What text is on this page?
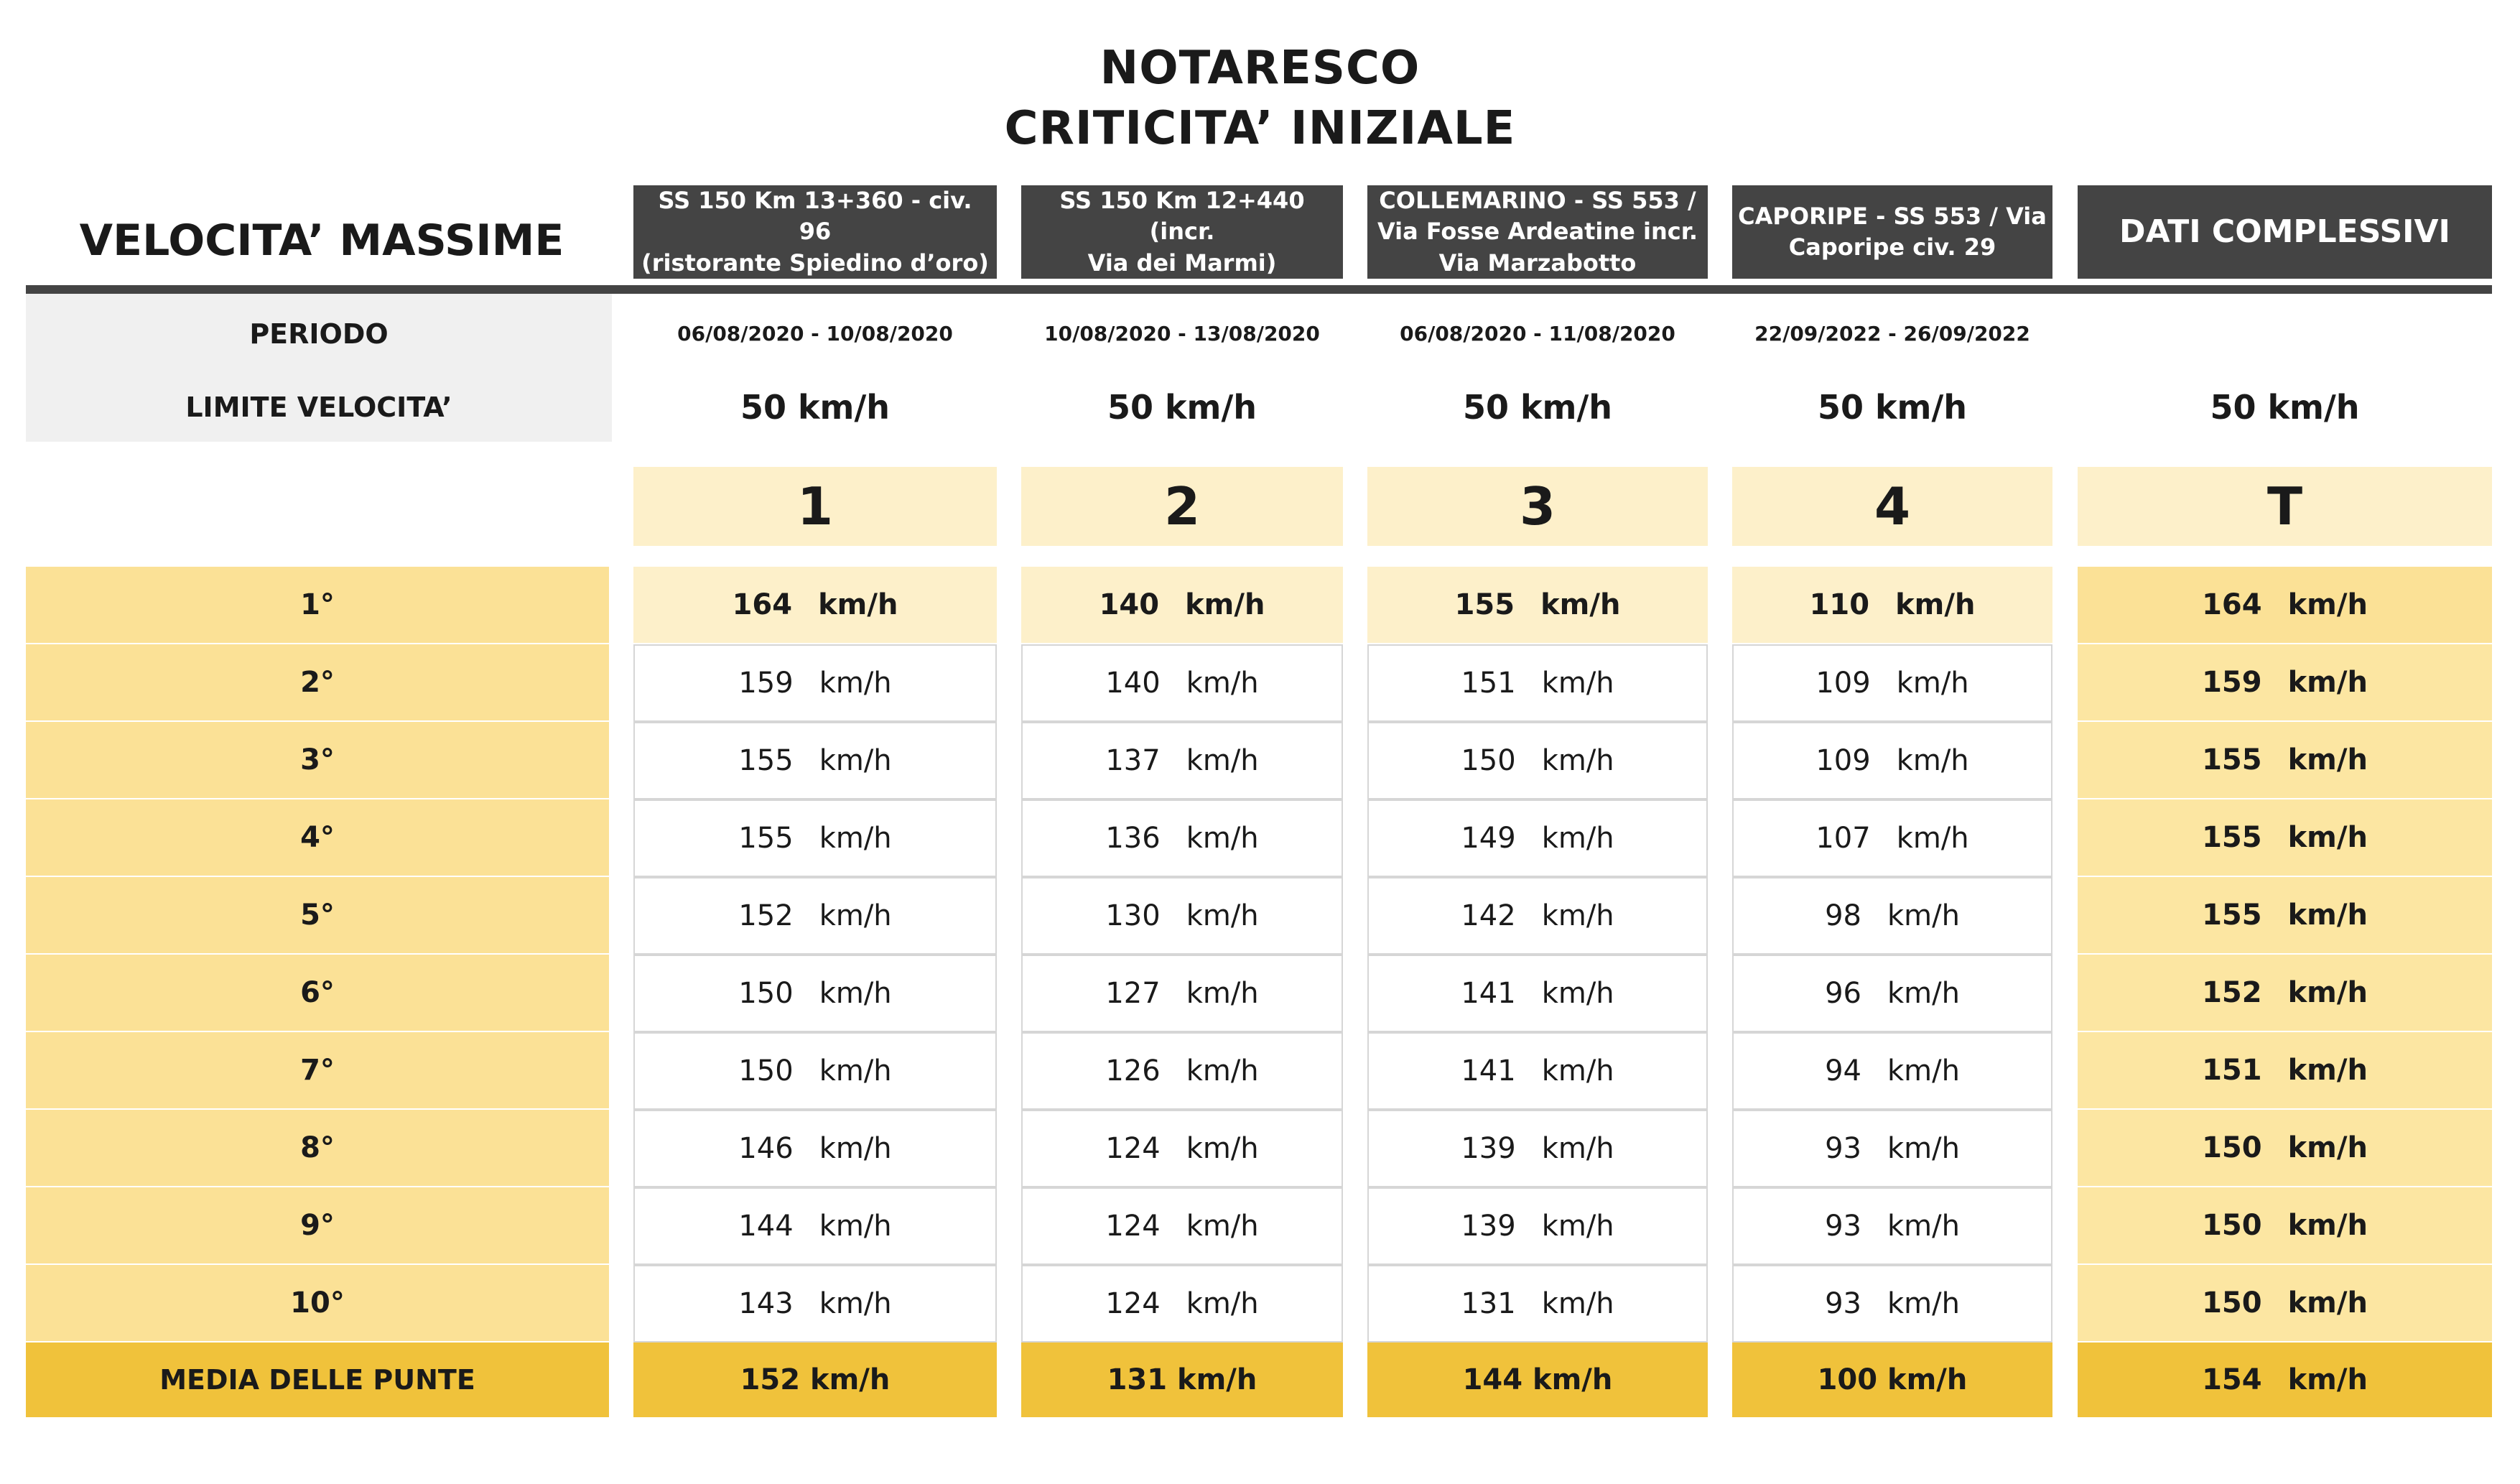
NOTARESCO
CRITICITA’ INIZIALE
VELOCITA’ MASSIME
PERIODO
LIMITE VELOCITA’
1°
2°
3°
4°
5°
6°
7°
8°
9°
10°
MEDIA DELLE PUNTE
SS 150 Km 13+360 - civ. 96
(ristorante Spiedino d’oro)
06/08/2020 - 10/08/2020
50 km/h
1
164 km/h
159 km/h
155 km/h
155 km/h
152 km/h
150 km/h
150 km/h
146 km/h
144 km/h
143 km/h
152 km/h
SS 150 Km 12+440 (incr.
Via dei Marmi)
10/08/2020 - 13/08/2020
50 km/h
2
140 km/h
140 km/h
137 km/h
136 km/h
130 km/h
127 km/h
126 km/h
124 km/h
124 km/h
124 km/h
131 km/h
COLLEMARINO - SS 553 /
Via Fosse Ardeatine incr.
Via Marzabotto
06/08/2020 - 11/08/2020
50 km/h
3
155 km/h
151 km/h
150 km/h
149 km/h
142 km/h
141 km/h
141 km/h
139 km/h
139 km/h
131 km/h
144 km/h
CAPORIPE - SS 553 / Via
Caporipe civ. 29
22/09/2022 - 26/09/2022
50 km/h
4
110 km/h
109 km/h
109 km/h
107 km/h
98 km/h
96 km/h
94 km/h
93 km/h
93 km/h
93 km/h
100 km/h
DATI COMPLESSIVI
50 km/h
T
164 km/h
159 km/h
155 km/h
155 km/h
155 km/h
152 km/h
151 km/h
150 km/h
150 km/h
150 km/h
154 km/h
